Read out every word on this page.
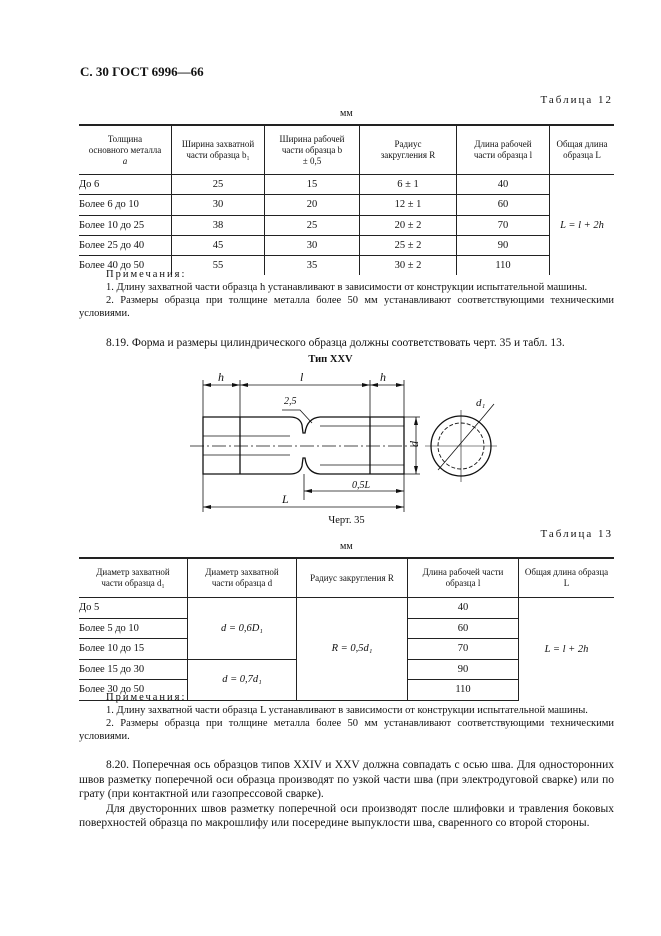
С. 30 ГОСТ 6996—66
Таблица 12
мм
Толщина
основного металла
a	Ширина захватной
части образца b₁	Ширина рабочей
части образца b
± 0,5	Радиус
закругления R	Длина рабочей
части образца l	Общая длина
образца L
До 6	25	15	6 ± 1	40	L = l + 2h
Более 6 до 10	30	20	12 ± 1	60	
Более 10 до 25	38	25	20 ± 2	70	
Более 25 до 40	45	30	25 ± 2	90	
Более 40 до 50	55	35	30 ± 2	110	
Примечания:
1. Длину захватной части образца h устанавливают в зависимости от конструкции испытательной машины.
2. Размеры образца при толщине металла более 50 мм устанавливают соответствующими техническими условиями.
8.19. Форма и размеры цилиндрического образца должны соответствовать черт. 35 и табл. 13.
Тип XXV
h	l	h
2,5
d
d₁
0,5L
L
Черт. 35
Таблица 13
мм
Диаметр захватной
части образца d₁	Диаметр захватной
части образца d	Радиус закругления R	Длина рабочей части
образца l	Общая длина образца L
До 5	d = 0,6D₁	R = 0,5d₁	40	L = l + 2h
Более 5 до 10			60	
Более 10 до 15			70	
Более 15 до 30	d = 0,7d₁		90	
Более 30 до 50			110	
Примечания:
1. Длину захватной части образца L устанавливают в зависимости от конструкции испытательной машины.
2. Размеры образца при толщине металла более 50 мм устанавливают соответствующими техническими условиями.
8.20. Поперечная ось образцов типов XXIV и XXV должна совпадать с осью шва. Для односторонних швов разметку поперечной оси образца производят по узкой части шва (при электродуговой сварке) или по грату (при контактной или газопрессовой сварке).
Для двусторонних швов разметку поперечной оси производят после шлифовки и травления боковых поверхностей образца по макрошлифу или посередине выпуклости шва, сваренного со второй стороны.
